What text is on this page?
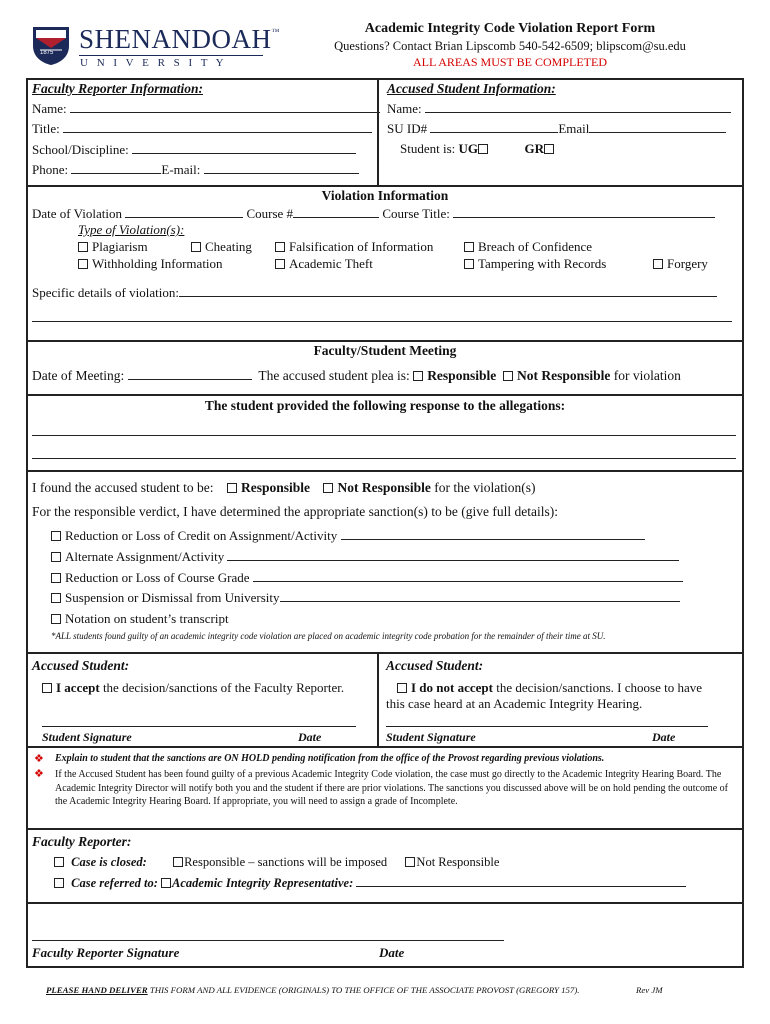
1875 SHENANDOAH™
U N I V E R S I T Y
Academic Integrity Code Violation Report Form
Questions? Contact Brian Lipscomb 540-542-6509; blipscom@su.edu
ALL AREAS MUST BE COMPLETED
Faculty Reporter Information:
Name:
Title:
School/Discipline:
Phone:	E-mail:
Accused Student Information:
Name:
SU ID#	Email
Student is: UG	GR
Violation Information
Date of Violation	Course #	Course Title:
Type of Violation(s):
Plagiarism	Cheating	Falsification of Information	Breach of Confidence
Withholding Information	Academic Theft	Tampering with Records	Forgery
Specific details of violation:
Faculty/Student Meeting
Date of Meeting:	The accused student plea is: Responsible Not Responsible for violation
The student provided the following response to the allegations:
I found the accused student to be: Responsible Not Responsible for the violation(s)
For the responsible verdict, I have determined the appropriate sanction(s) to be (give full details):
Reduction or Loss of Credit on Assignment/Activity
Alternate Assignment/Activity
Reduction or Loss of Course Grade
Suspension or Dismissal from University
Notation on student’s transcript
*ALL students found guilty of an academic integrity code violation are placed on academic integrity code probation for the remainder of their time at SU.
Accused Student:
I accept the decision/sanctions of the Faculty Reporter.
Student Signature	Date
Accused Student:
I do not accept the decision/sanctions. I choose to have
this case heard at an Academic Integrity Hearing.
Student Signature	Date
❖ Explain to student that the sanctions are ON HOLD pending notification from the office of the Provost regarding previous violations.
❖ If the Accused Student has been found guilty of a previous Academic Integrity Code violation, the case must go directly to the Academic Integrity Hearing Board. The Academic Integrity Director will notify both you and the student if there are prior violations. The sanctions you discussed above will be on hold pending the outcome of the Academic Integrity Hearing Board. If appropriate, you will need to assign a grade of Incomplete.
Faculty Reporter:
Case is closed:	Responsible – sanctions will be imposed Not Responsible
Case referred to: Academic Integrity Representative:
Faculty Reporter Signature	Date
PLEASE HAND DELIVER THIS FORM AND ALL EVIDENCE (ORIGINALS) TO THE OFFICE OF THE ASSOCIATE PROVOST (GREGORY 157).	Rev JM
